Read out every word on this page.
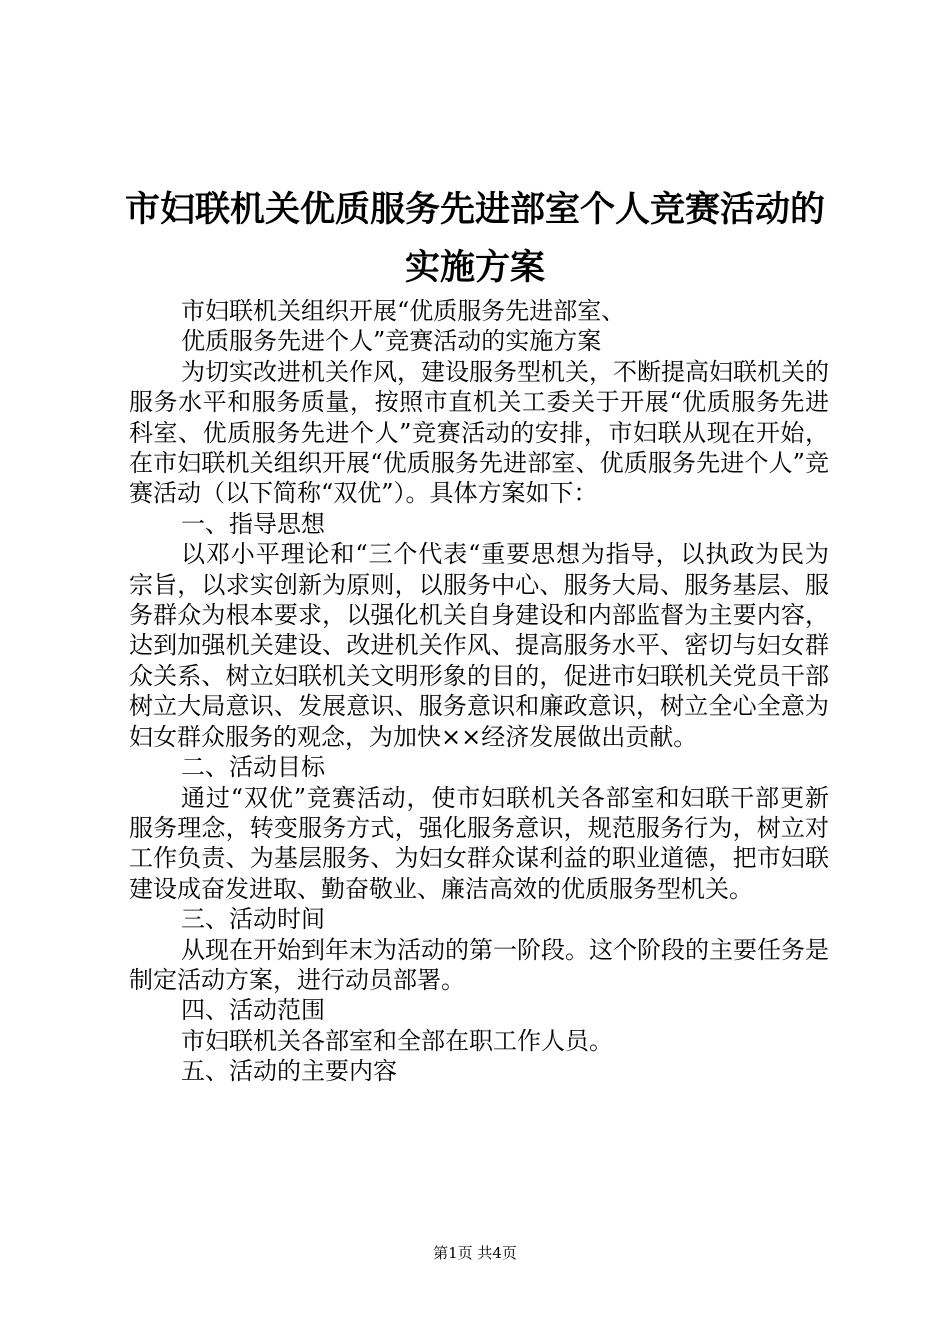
市妇联机关优质服务先进部室个人竞赛活动的
实施方案

市妇联机关组织开展“优质服务先进部室、

优质服务先进个人”竞赛活动的实施方案

为切实改进机关作风，建设服务型机关，不断提高妇联机关的服务水平和服务质量，按照市直机关工委关于开展“优质服务先进科室、优质服务先进个人”竞赛活动的安排，市妇联从现在开始，在市妇联机关组织开展“优质服务先进部室、优质服务先进个人”竞赛活动（以下简称“双优”）。具体方案如下：

一、指导思想

以邓小平理论和“三个代表“重要思想为指导，以执政为民为宗旨，以求实创新为原则，以服务中心、服务大局、服务基层、服务群众为根本要求，以强化机关自身建设和内部监督为主要内容，达到加强机关建设、改进机关作风、提高服务水平、密切与妇女群众关系、树立妇联机关文明形象的目的，促进市妇联机关党员干部树立大局意识、发展意识、服务意识和廉政意识，树立全心全意为妇女群众服务的观念，为加快××经济发展做出贡献。

二、活动目标

通过“双优”竞赛活动，使市妇联机关各部室和妇联干部更新服务理念，转变服务方式，强化服务意识，规范服务行为，树立对工作负责、为基层服务、为妇女群众谋利益的职业道德，把市妇联建设成奋发进取、勤奋敬业、廉洁高效的优质服务型机关。

三、活动时间

从现在开始到年末为活动的第一阶段。这个阶段的主要任务是制定活动方案，进行动员部署。

四、活动范围

市妇联机关各部室和全部在职工作人员。

五、活动的主要内容

第1页 共4页
